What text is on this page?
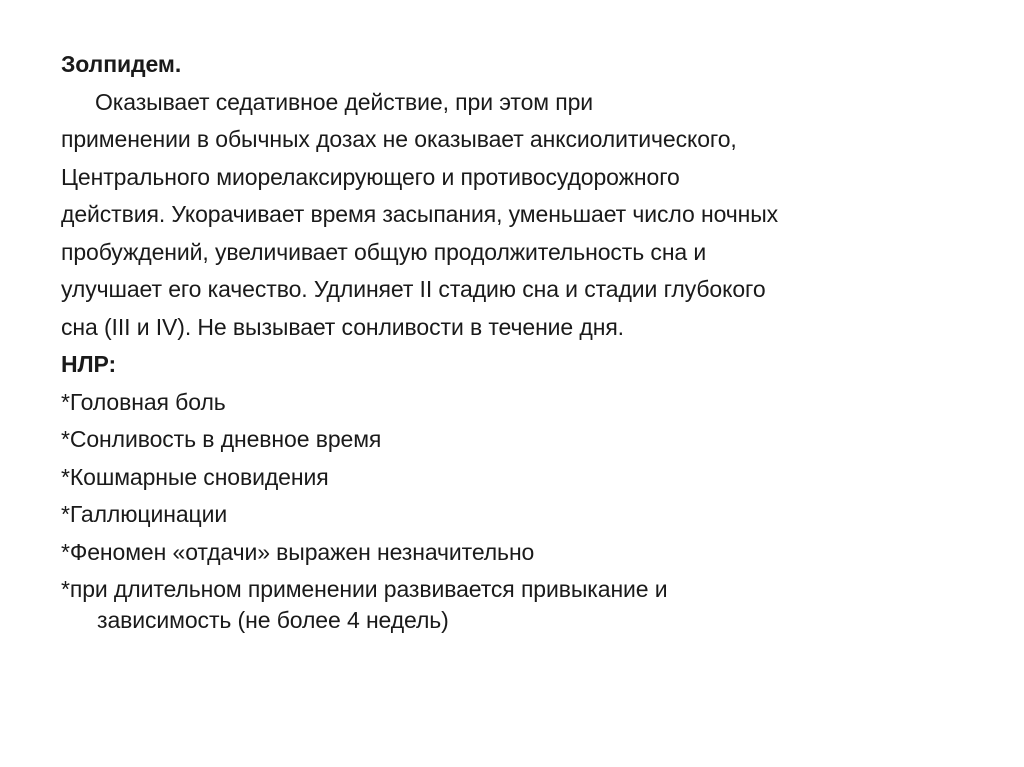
Золпидем.
Оказывает седативное действие, при этом при
применении в обычных дозах не оказывает анксиолитического,
Центрального миорелаксирующего и противосудорожного
действия. Укорачивает время засыпания, уменьшает число ночных
пробуждений, увеличивает общую продолжительность сна и
улучшает его качество. Удлиняет II стадию сна и стадии глубокого
сна (III и IV). Не вызывает сонливости в течение дня.
НЛР:
*Головная боль
*Сонливость в дневное время
*Кошмарные сновидения
*Галлюцинации
*Феномен «отдачи» выражен незначительно
*при длительном применении развивается привыкание и
зависимость (не более 4 недель)
